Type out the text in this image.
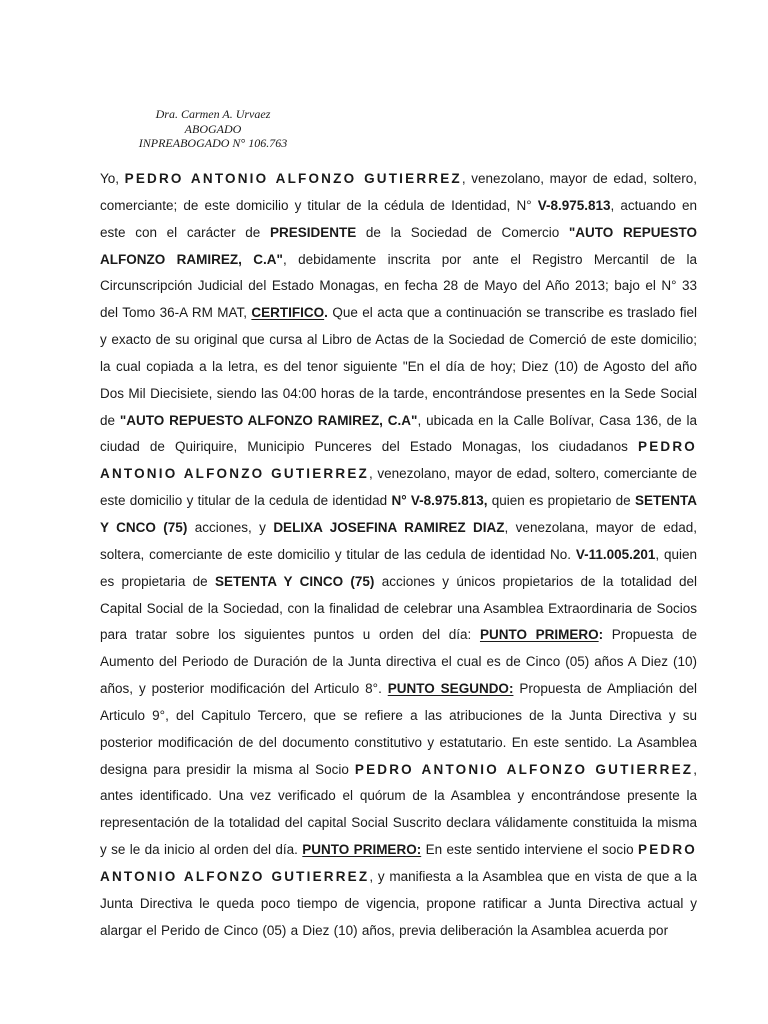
Dra. Carmen A. Urvaez
ABOGADO
INPREABOGADO N° 106.763
Yo, PEDRO ANTONIO ALFONZO GUTIERREZ, venezolano, mayor de edad, soltero, comerciante; de este domicilio y titular de la cédula de Identidad, N° V-8.975.813, actuando en este con el carácter de PRESIDENTE de la Sociedad de Comercio "AUTO REPUESTO ALFONZO RAMIREZ, C.A", debidamente inscrita por ante el Registro Mercantil de la Circunscripción Judicial del Estado Monagas, en fecha 28 de Mayo del Año 2013; bajo el N° 33 del Tomo 36-A RM MAT, CERTIFICO. Que el acta que a continuación se transcribe es traslado fiel y exacto de su original que cursa al Libro de Actas de la Sociedad de Comerció de este domicilio; la cual copiada a la letra, es del tenor siguiente "En el día de hoy; Diez (10) de Agosto del año Dos Mil Diecisiete, siendo las 04:00 horas de la tarde, encontrándose presentes en la Sede Social de "AUTO REPUESTO ALFONZO RAMIREZ, C.A", ubicada en la Calle Bolívar, Casa 136, de la ciudad de Quiriquire, Municipio Punceres del Estado Monagas, los ciudadanos PEDRO ANTONIO ALFONZO GUTIERREZ, venezolano, mayor de edad, soltero, comerciante de este domicilio y titular de la cedula de identidad N° V-8.975.813, quien es propietario de SETENTA Y CNCO (75) acciones, y DELIXA JOSEFINA RAMIREZ DIAZ, venezolana, mayor de edad, soltera, comerciante de este domicilio y titular de las cedula de identidad No. V-11.005.201, quien es propietaria de SETENTA Y CINCO (75) acciones y únicos propietarios de la totalidad del Capital Social de la Sociedad, con la finalidad de celebrar una Asamblea Extraordinaria de Socios para tratar sobre los siguientes puntos u orden del día: PUNTO PRIMERO: Propuesta de Aumento del Periodo de Duración de la Junta directiva el cual es de Cinco (05) años A Diez (10) años, y posterior modificación del Articulo 8°. PUNTO SEGUNDO: Propuesta de Ampliación del Articulo 9°, del Capitulo Tercero, que se refiere a las atribuciones de la Junta Directiva y su posterior modificación de del documento constitutivo y estatutario. En este sentido. La Asamblea designa para presidir la misma al Socio PEDRO ANTONIO ALFONZO GUTIERREZ, antes identificado. Una vez verificado el quórum de la Asamblea y encontrándose presente la representación de la totalidad del capital Social Suscrito declara válidamente constituida la misma y se le da inicio al orden del día. PUNTO PRIMERO: En este sentido interviene el socio PEDRO ANTONIO ALFONZO GUTIERREZ, y manifiesta a la Asamblea que en vista de que a la Junta Directiva le queda poco tiempo de vigencia, propone ratificar a Junta Directiva actual y alargar el Perido de Cinco (05) a Diez (10) años, previa deliberación la Asamblea acuerda por
